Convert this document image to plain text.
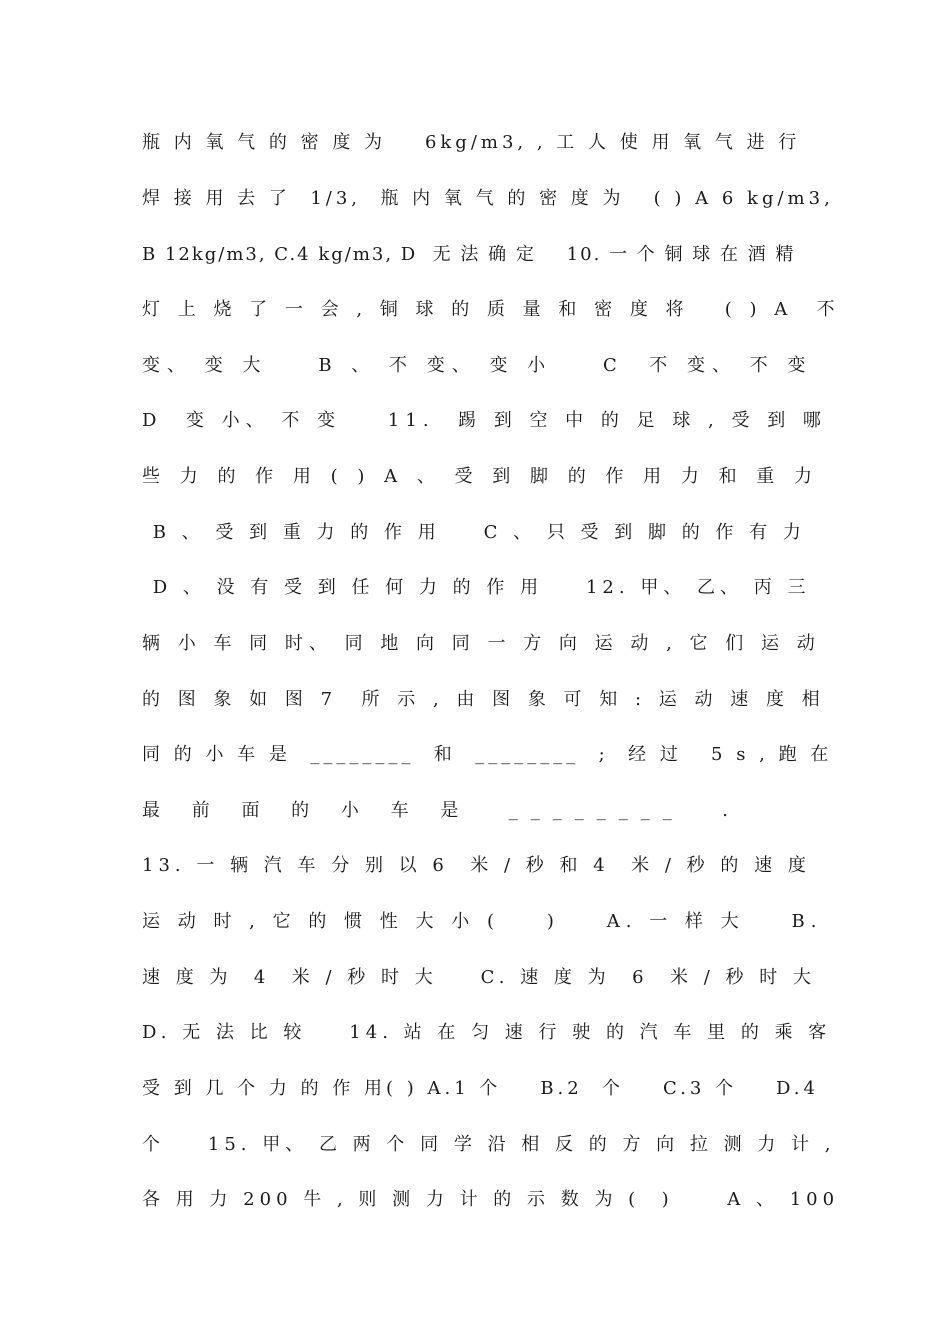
瓶 内 氧 气 的 密 度 为    6kg/m3, , 工 人 使 用 氧 气 进 行
焊 接 用 去 了  1/3,  瓶 内 氧 气 的 密 度 为   ( ) A 6 kg/m3,
B 12kg/m3, C.4 kg/m3, D  无 法 确 定    10. 一 个 铜 球 在 酒 精
灯 上 烧 了 一 会 , 铜 球 的 质 量 和 密 度 将   ( ) A  不
变、 变 大    B 、 不 变、 变 小    C  不 变、 不 变
D  变 小、 不 变    11.  踢 到 空 中 的 足 球 , 受 到 哪
些 力 的 作 用 ( ) A 、 受 到 脚 的 作 用 力 和 重 力
B 、 受 到 重 力 的 作 用    C 、 只 受 到 脚 的 作 有 力
D 、 没 有 受 到 任 何 力 的 作 用    12. 甲、 乙、 丙 三
辆 小 车 同 时、 同 地 向 同 一 方 向 运 动 , 它 们 运 动
的 图 象 如 图 7  所 示 , 由 图 象 可 知 : 运 动 速 度 相
同 的 小 车 是  ________  和  ________  ;  经 过   5 s , 跑 在
最 前 面 的 小 车 是  ________  .
13. 一 辆 汽 车 分 别 以 6  米 / 秒 和 4  米 / 秒 的 速 度
运 动 时 , 它 的 惯 性 大 小 (    )    A. 一 样 大    B.
速 度 为  4  米 / 秒 时 大    C. 速 度 为  6  米 / 秒 时 大
D. 无 法 比 较    14. 站 在 匀 速 行 驶 的 汽 车 里 的 乘 客
受 到 几 个 力 的 作 用( ) A.1 个    B.2  个    C.3 个    D.4
个    15. 甲、 乙 两 个 同 学 沿 相 反 的 方 向 拉 测 力 计 ,
各 用 力 200 牛 , 则 测 力 计 的 示 数 为 (  )     A 、 100
